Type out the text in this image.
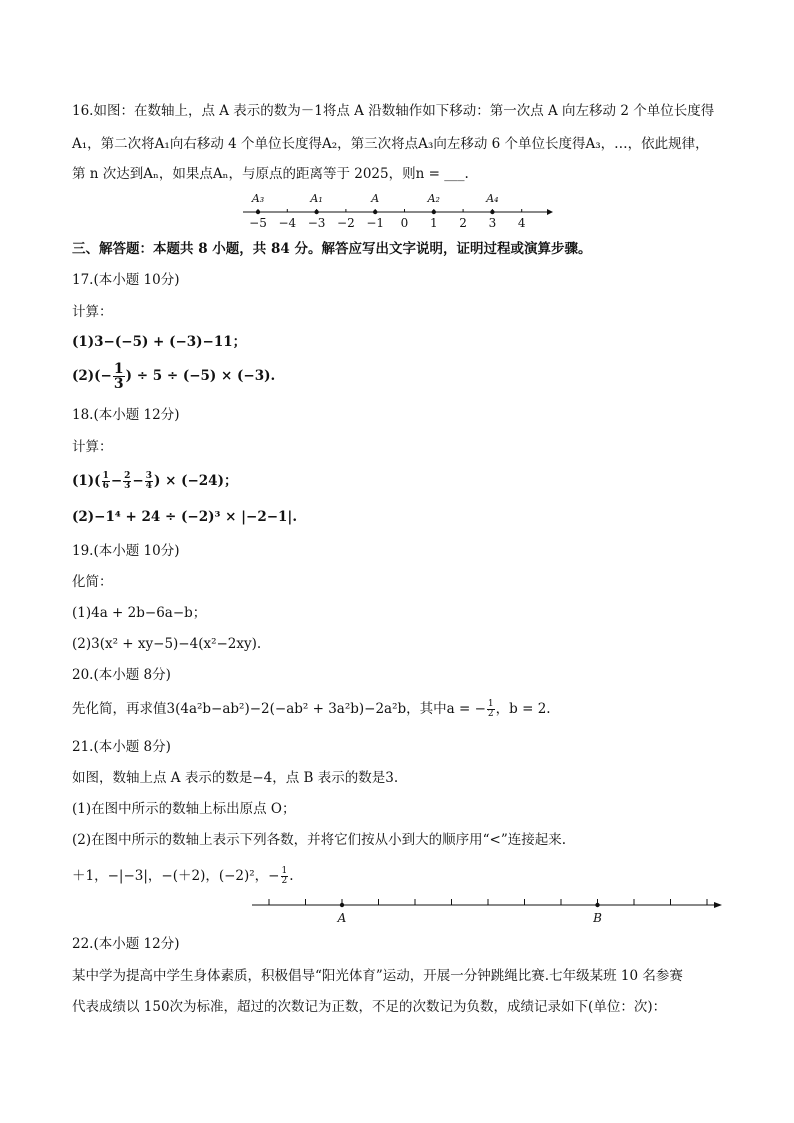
16.如图：在数轴上，点 A 表示的数为－1将点 A 沿数轴作如下移动：第一次点 A 向左移动 2 个单位长度得
A₁，第二次将A₁向右移动 4 个单位长度得A₂，第三次将点A₃向左移动 6 个单位长度得A₃，…，依此规律，
第 n 次达到Aₙ，如果点Aₙ，与原点的距离等于 2025，则n = ___.
−5 −4 −3 −2 −1 0 1 2 3 4
A₃	A₁	A	A₂	A₄
三、解答题：本题共 8 小题，共 84 分。解答应写出文字说明，证明过程或演算步骤。
17.(本小题 10分)
计算：
(1)3−(−5) + (−3)−11；
$(2)(- \frac{1}{3}$ ) ÷ 5 ÷ (−5) × (−3).
18.(本小题 12分)
计算：
$(1)( \frac{1}{6} - \frac{2}{3} - \frac{3}{4}$ ) × (−24)；
(2)−1⁴ + 24 ÷ (−2)³ × |−2−1|.
19.(本小题 10分)
化简：
(1)4a + 2b−6a−b；
(2)3(x² + xy−5)−4(x²−2xy).
20.(本小题 8分)
先化简，再求值3(4a²b−ab²)−2(−ab² + 3a²b)−2a²b，其中a = − $\frac{1}{2}$ ，b = 2.
21.(本小题 8分)
如图，数轴上点 A 表示的数是−4，点 B 表示的数是3.
(1)在图中所示的数轴上标出原点 O；
(2)在图中所示的数轴上表示下列各数，并将它们按从小到大的顺序用“<”连接起来.
＋1，−|−3|，−(＋2)，(−2)²，− $\frac{1}{2}$ .
A	B
22.(本小题 12分)
某中学为提高中学生身体素质，积极倡导“阳光体育”运动，开展一分钟跳绳比赛.七年级某班 10 名参赛
代表成绩以 150次为标准，超过的次数记为正数，不足的次数记为负数，成绩记录如下(单位：次)：
